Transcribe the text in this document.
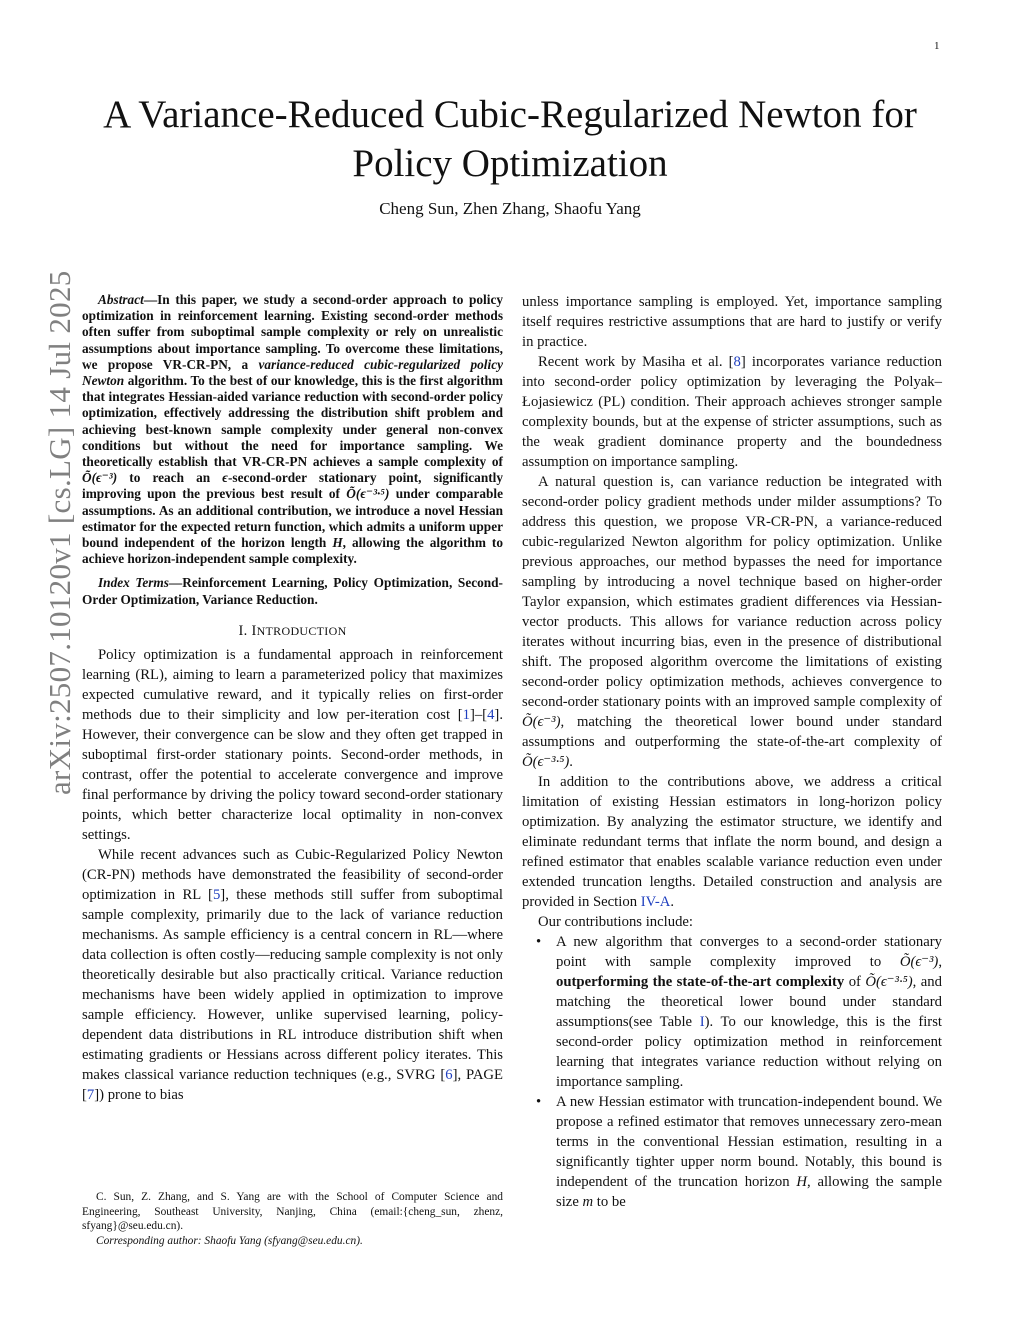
1
arXiv:2507.10120v1 [cs.LG] 14 Jul 2025
A Variance-Reduced Cubic-Regularized Newton for
Policy Optimization
Cheng Sun, Zhen Zhang, Shaofu Yang

Abstract—In this paper, we study a second-order approach to policy optimization in reinforcement learning. Existing second-order methods often suffer from suboptimal sample complexity or rely on unrealistic assumptions about importance sampling. To overcome these limitations, we propose VR-CR-PN, a variance-reduced cubic-regularized policy Newton algorithm. To the best of our knowledge, this is the first algorithm that integrates Hessian-aided variance reduction with second-order policy optimization, effectively addressing the distribution shift problem and achieving best-known sample complexity under general non-convex conditions but without the need for importance sampling. We theoretically establish that VR-CR-PN achieves a sample complexity of Õ(ϵ⁻³) to reach an ϵ-second-order stationary point, significantly improving upon the previous best result of Õ(ϵ⁻³·⁵) under comparable assumptions. As an additional contribution, we introduce a novel Hessian estimator for the expected return function, which admits a uniform upper bound independent of the horizon length H, allowing the algorithm to achieve horizon-independent sample complexity.

Index Terms—Reinforcement Learning, Policy Optimization, Second-Order Optimization, Variance Reduction.

I. INTRODUCTION

Policy optimization is a fundamental approach in reinforcement learning (RL), aiming to learn a parameterized policy that maximizes expected cumulative reward, and it typically relies on first-order methods due to their simplicity and low per-iteration cost [1]–[4]. However, their convergence can be slow and they often get trapped in suboptimal first-order stationary points. Second-order methods, in contrast, offer the potential to accelerate convergence and improve final performance by driving the policy toward second-order stationary points, which better characterize local optimality in non-convex settings.

While recent advances such as Cubic-Regularized Policy Newton (CR-PN) methods have demonstrated the feasibility of second-order optimization in RL [5], these methods still suffer from suboptimal sample complexity, primarily due to the lack of variance reduction mechanisms. As sample efficiency is a central concern in RL—where data collection is often costly—reducing sample complexity is not only theoretically desirable but also practically critical. Variance reduction mechanisms have been widely applied in optimization to improve sample efficiency. However, unlike supervised learning, policy-dependent data distributions in RL introduce distribution shift when estimating gradients or Hessians across different policy iterates. This makes classical variance reduction techniques (e.g., SVRG [6], PAGE [7]) prone to bias

C. Sun, Z. Zhang, and S. Yang are with the School of Computer Science and Engineering, Southeast University, Nanjing, China (email:{cheng_sun, zhenz, sfyang}@seu.edu.cn).

Corresponding author: Shaofu Yang (sfyang@seu.edu.cn).

unless importance sampling is employed. Yet, importance sampling itself requires restrictive assumptions that are hard to justify or verify in practice.

Recent work by Masiha et al. [8] incorporates variance reduction into second-order policy optimization by leveraging the Polyak–Łojasiewicz (PL) condition. Their approach achieves stronger sample complexity bounds, but at the expense of stricter assumptions, such as the weak gradient dominance property and the boundedness assumption on importance sampling.

A natural question is, can variance reduction be integrated with second-order policy gradient methods under milder assumptions? To address this question, we propose VR-CR-PN, a variance-reduced cubic-regularized Newton algorithm for policy optimization. Unlike previous approaches, our method bypasses the need for importance sampling by introducing a novel technique based on higher-order Taylor expansion, which estimates gradient differences via Hessian-vector products. This allows for variance reduction across policy iterates without incurring bias, even in the presence of distributional shift. The proposed algorithm overcome the limitations of existing second-order policy optimization methods, achieves convergence to second-order stationary points with an improved sample complexity of Õ(ϵ⁻³), matching the theoretical lower bound under standard assumptions and outperforming the state-of-the-art complexity of Õ(ϵ⁻³·⁵).

In addition to the contributions above, we address a critical limitation of existing Hessian estimators in long-horizon policy optimization. By analyzing the estimator structure, we identify and eliminate redundant terms that inflate the norm bound, and design a refined estimator that enables scalable variance reduction even under extended truncation lengths. Detailed construction and analysis are provided in Section IV-A.

Our contributions include:

• A new algorithm that converges to a second-order stationary point with sample complexity improved to Õ(ϵ⁻³), outperforming the state-of-the-art complexity of Õ(ϵ⁻³·⁵), and matching the theoretical lower bound under standard assumptions(see Table I). To our knowledge, this is the first second-order policy optimization method in reinforcement learning that integrates variance reduction without relying on importance sampling.
• A new Hessian estimator with truncation-independent bound. We propose a refined estimator that removes unnecessary zero-mean terms in the conventional Hessian estimation, resulting in a significantly tighter upper norm bound. Notably, this bound is independent of the truncation horizon H, allowing the sample size m to be
